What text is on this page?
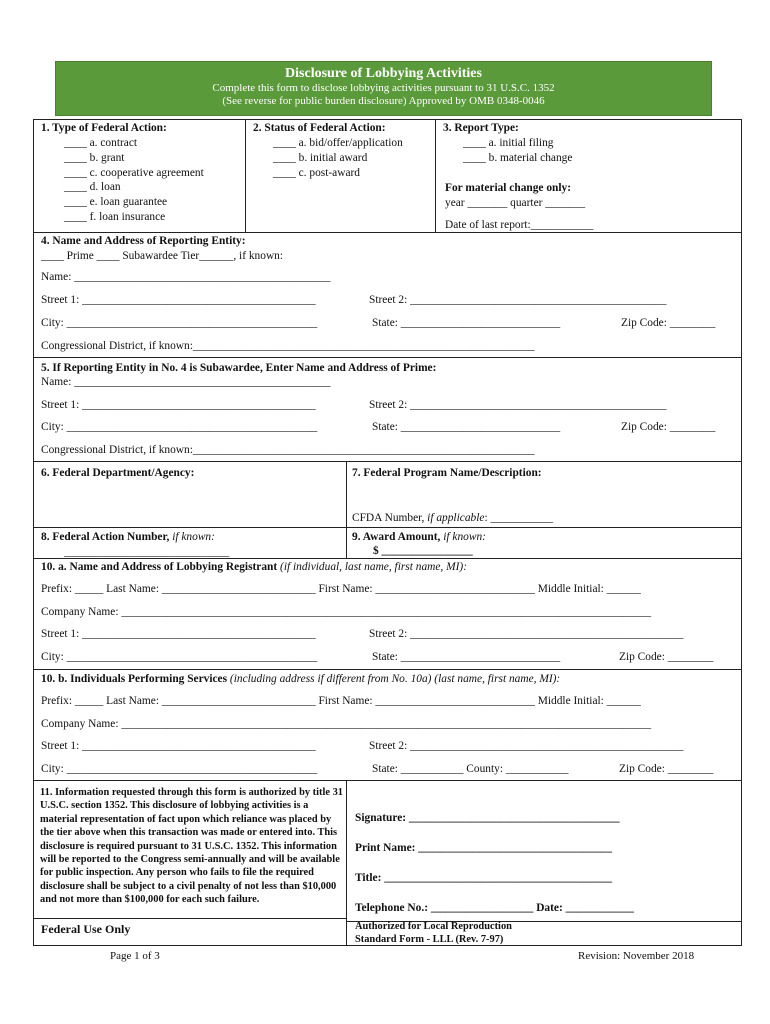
Disclosure of Lobbying Activities
Complete this form to disclose lobbying activities pursuant to 31 U.S.C. 1352
(See reverse for public burden disclosure) Approved by OMB 0348-0046
1. Type of Federal Action:
____ a. contract
____ b. grant
____ c. cooperative agreement
____ d. loan
____ e. loan guarantee
____ f. loan insurance
2. Status of Federal Action:
____ a. bid/offer/application
____ b. initial award
____ c. post-award
3. Report Type:
____ a. initial filing
____ b. material change
For material change only:
year _______ quarter _______
Date of last report:___________
4. Name and Address of Reporting Entity:
____ Prime ____ Subawardee Tier______, if known:
Name: _____________________________________________
Street 1: _________________________________________	Street 2: _____________________________________________
City: ____________________________________________	State: ____________________________	Zip Code: ________
Congressional District, if known:____________________________________________________________
5. If Reporting Entity in No. 4 is Subawardee, Enter Name and Address of Prime:
Name: _____________________________________________
Street 1: _________________________________________	Street 2: _____________________________________________
City: ____________________________________________	State: ____________________________	Zip Code: ________
Congressional District, if known:____________________________________________________________
6. Federal Department/Agency:	7. Federal Program Name/Description:
CFDA Number, if applicable: ___________
8. Federal Action Number, if known:
_____________________________
9. Award Amount, if known:
$ ________________
10. a. Name and Address of Lobbying Registrant (if individual, last name, first name, MI):
Prefix: _____ Last Name: ___________________________ First Name: ____________________________ Middle Initial: ______
Company Name: _____________________________________________________________________________________________
Street 1: _________________________________________	Street 2: ________________________________________________
City: ____________________________________________	State: ____________________________	Zip Code: ________
10. b. Individuals Performing Services (including address if different from No. 10a) (last name, first name, MI):
Prefix: _____ Last Name: ___________________________ First Name: ____________________________ Middle Initial: ______
Company Name: _____________________________________________________________________________________________
Street 1: _________________________________________	Street 2: ________________________________________________
City: ____________________________________________	State: ___________ County: ___________	Zip Code: ________
11. Information requested through this form is authorized by title 31 U.S.C. section 1352. This disclosure of lobbying activities is a material representation of fact upon which reliance was placed by the tier above when this transaction was made or entered into. This disclosure is required pursuant to 31 U.S.C. 1352. This information will be reported to the Congress semi-annually and will be available for public inspection. Any person who fails to file the required disclosure shall be subject to a civil penalty of not less than $10,000 and not more than $100,000 for each such failure.
Signature: _____________________________________
Print Name: __________________________________
Title: ________________________________________
Telephone No.: __________________ Date: ____________
Federal Use Only	Authorized for Local Reproduction
Standard Form - LLL (Rev. 7-97)
Page 1 of 3	Revision: November 2018
